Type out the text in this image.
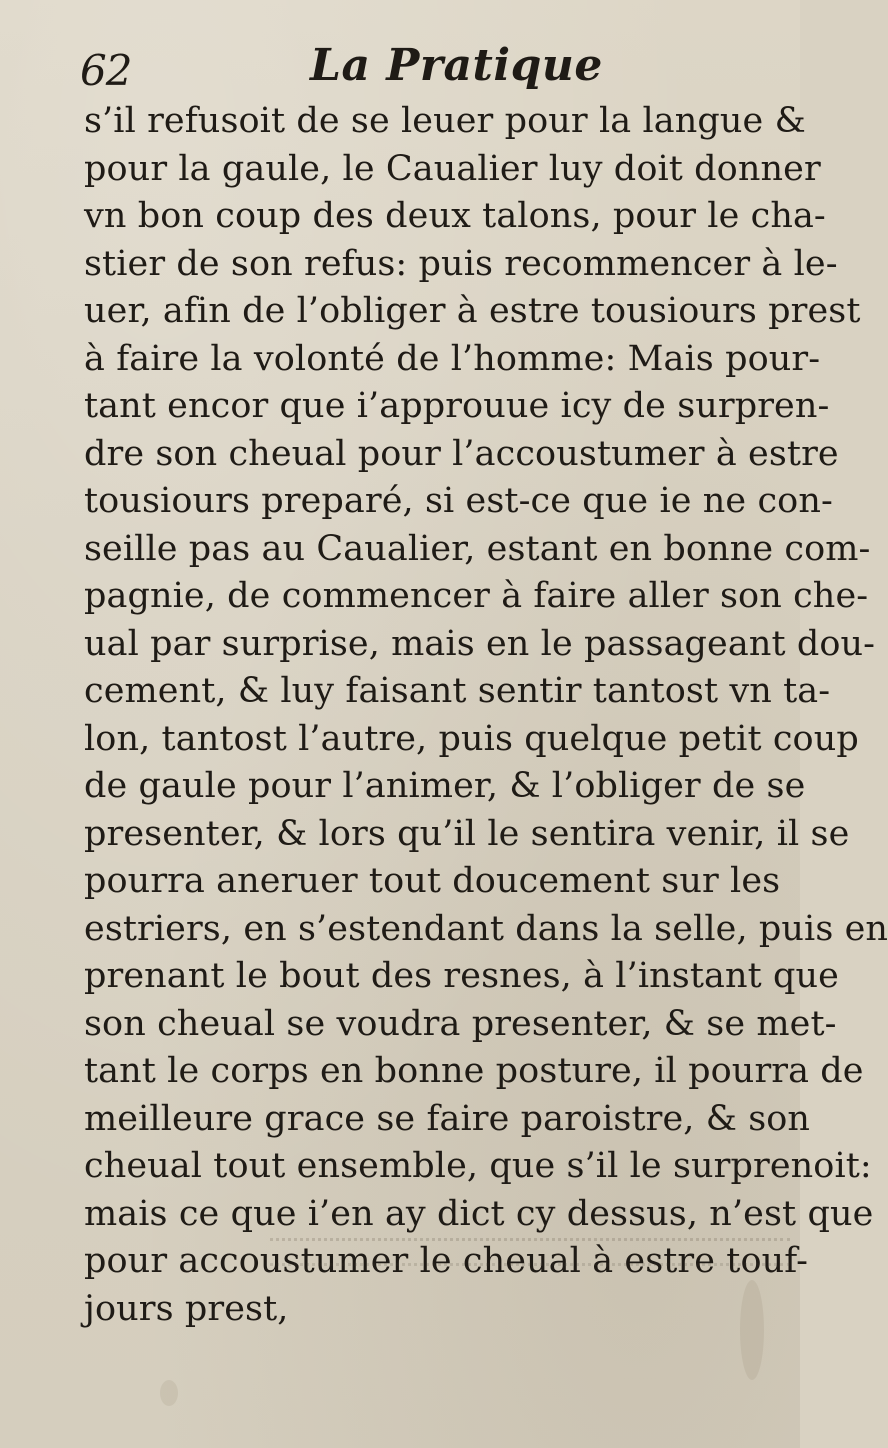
62	La Pratique
s’il refusoit de se leuer pour la langue &
pour la gaule, le Caualier luy doit donner
vn bon coup des deux talons, pour le cha-
stier de son refus: puis recommencer à le-
uer, afin de l’obliger à estre tousiours prest
à faire la volonté de l’homme: Mais pour-
tant encor que i’approuue icy de surpren-
dre son cheual pour l’accoustumer à estre
tousiours preparé, si est-ce que ie ne con-
seille pas au Caualier, estant en bonne com-
pagnie, de commencer à faire aller son che-
ual par surprise, mais en le passageant dou-
cement, & luy faisant sentir tantost vn ta-
lon, tantost l’autre, puis quelque petit coup
de gaule pour l’animer, & l’obliger de se
presenter, & lors qu’il le sentira venir, il se
pourra aneruer tout doucement sur les
estriers, en s’estendant dans la selle, puis en
prenant le bout des resnes, à l’instant que
son cheual se voudra presenter, & se met-
tant le corps en bonne posture, il pourra de
meilleure grace se faire paroistre, & son
cheual tout ensemble, que s’il le surprenoit:
mais ce que i’en ay dict cy dessus, n’est que
pour accoustumer le cheual à estre touf-
jours prest,
